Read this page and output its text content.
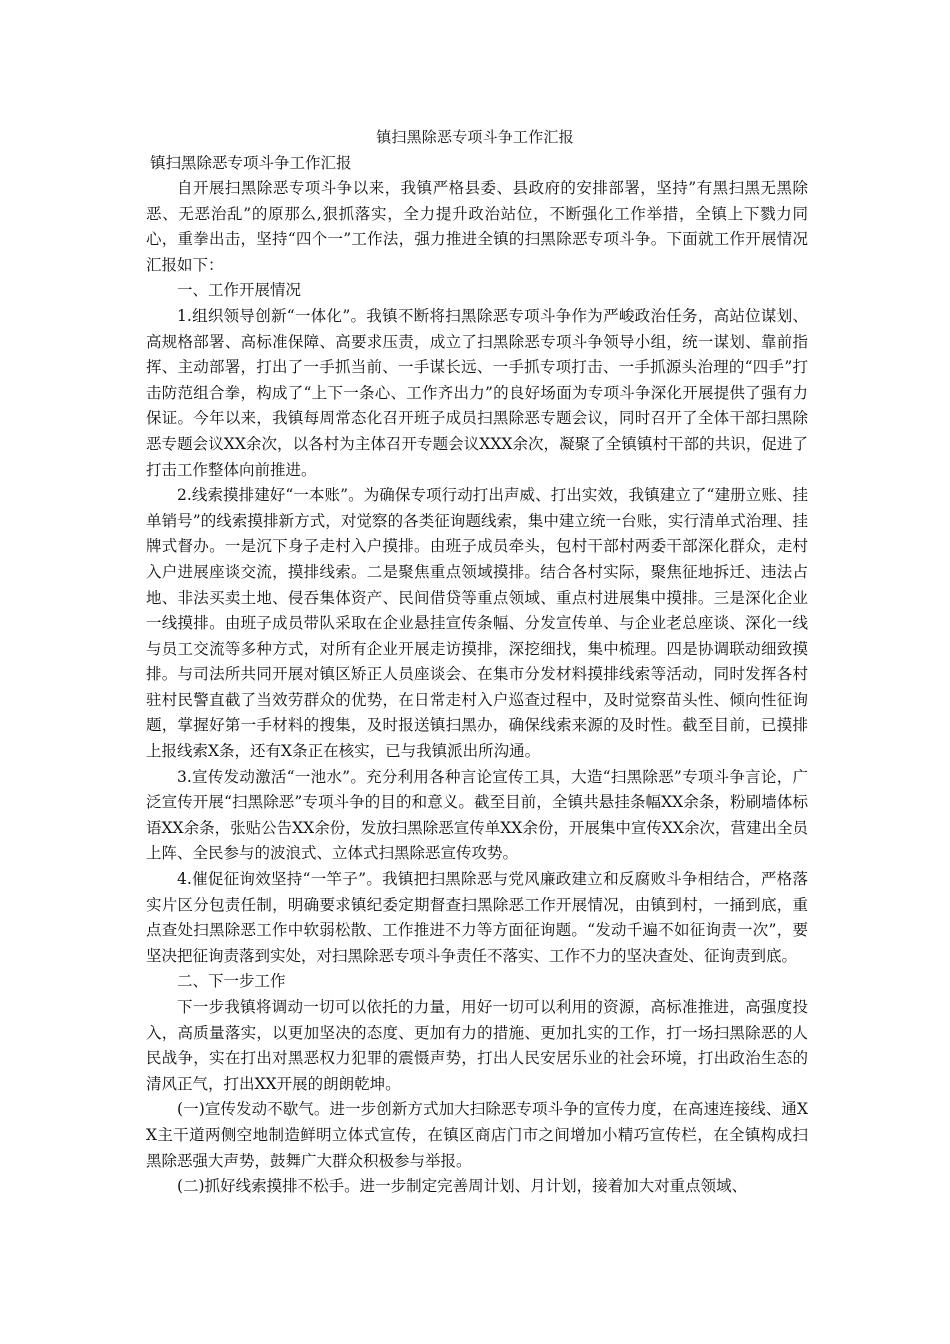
镇扫黑除恶专项斗争工作汇报
镇扫黑除恶专项斗争工作汇报

自开展扫黑除恶专项斗争以来，我镇严格县委、县政府的安排部署，坚持”有黑扫黑无黑除恶、无恶治乱”的原那么,狠抓落实，全力提升政治站位，不断强化工作举措，全镇上下戮力同心，重拳出击，坚持“四个一”工作法，强力推进全镇的扫黑除恶专项斗争。下面就工作开展情况汇报如下：

一、工作开展情况

1.组织领导创新“一体化”。我镇不断将扫黑除恶专项斗争作为严峻政治任务，高站位谋划、高规格部署、高标准保障、高要求压责，成立了扫黑除恶专项斗争领导小组，统一谋划、靠前指挥、主动部署，打出了一手抓当前、一手谋长远、一手抓专项打击、一手抓源头治理的“四手”打击防范组合拳，构成了“上下一条心、工作齐出力”的良好场面为专项斗争深化开展提供了强有力保证。今年以来，我镇每周常态化召开班子成员扫黑除恶专题会议，同时召开了全体干部扫黑除恶专题会议XX余次，以各村为主体召开专题会议XXX余次，凝聚了全镇镇村干部的共识，促进了打击工作整体向前推进。

2.线索摸排建好“一本账”。为确保专项行动打出声威、打出实效，我镇建立了“建册立账、挂单销号”的线索摸排新方式，对觉察的各类征询题线索，集中建立统一台账，实行清单式治理、挂牌式督办。一是沉下身子走村入户摸排。由班子成员牵头，包村干部村两委干部深化群众，走村入户进展座谈交流，摸排线索。二是聚焦重点领域摸排。结合各村实际，聚焦征地拆迁、违法占地、非法买卖土地、侵吞集体资产、民间借贷等重点领域、重点村进展集中摸排。三是深化企业一线摸排。由班子成员带队采取在企业悬挂宣传条幅、分发宣传单、与企业老总座谈、深化一线与员工交流等多种方式，对所有企业开展走访摸排，深挖细找，集中梳理。四是协调联动细致摸排。与司法所共同开展对镇区矫正人员座谈会、在集市分发材料摸排线索等活动，同时发挥各村驻村民警直截了当效劳群众的优势，在日常走村入户巡查过程中，及时觉察苗头性、倾向性征询题，掌握好第一手材料的搜集，及时报送镇扫黑办，确保线索来源的及时性。截至目前，已摸排上报线索X条，还有X条正在核实，已与我镇派出所沟通。

3.宣传发动激活“一池水”。充分利用各种言论宣传工具，大造“扫黑除恶”专项斗争言论，广泛宣传开展“扫黑除恶”专项斗争的目的和意义。截至目前，全镇共悬挂条幅XX余条，粉刷墙体标语XX余条，张贴公告XX余份，发放扫黑除恶宣传单XX余份，开展集中宣传XX余次，营建出全员上阵、全民参与的波浪式、立体式扫黑除恶宣传攻势。

4.催促征询效坚持“一竿子”。我镇把扫黑除恶与党风廉政建立和反腐败斗争相结合，严格落实片区分包责任制，明确要求镇纪委定期督查扫黑除恶工作开展情况，由镇到村，一捅到底，重点查处扫黑除恶工作中软弱松散、工作推进不力等方面征询题。“发动千遍不如征询责一次”，要坚决把征询责落到实处，对扫黑除恶专项斗争责任不落实、工作不力的坚决查处、征询责到底。

二、下一步工作

下一步我镇将调动一切可以依托的力量，用好一切可以利用的资源，高标准推进，高强度投入，高质量落实，以更加坚决的态度、更加有力的措施、更加扎实的工作，打一场扫黑除恶的人民战争，实在打出对黑恶权力犯罪的震慑声势，打出人民安居乐业的社会环境，打出政治生态的清风正气，打出XX开展的朗朗乾坤。

(一)宣传发动不歇气。进一步创新方式加大扫除恶专项斗争的宣传力度，在高速连接线、通XX主干道两侧空地制造鲜明立体式宣传，在镇区商店门市之间增加小精巧宣传栏，在全镇构成扫黑除恶强大声势，鼓舞广大群众积极参与举报。

(二)抓好线索摸排不松手。进一步制定完善周计划、月计划，接着加大对重点领域、
